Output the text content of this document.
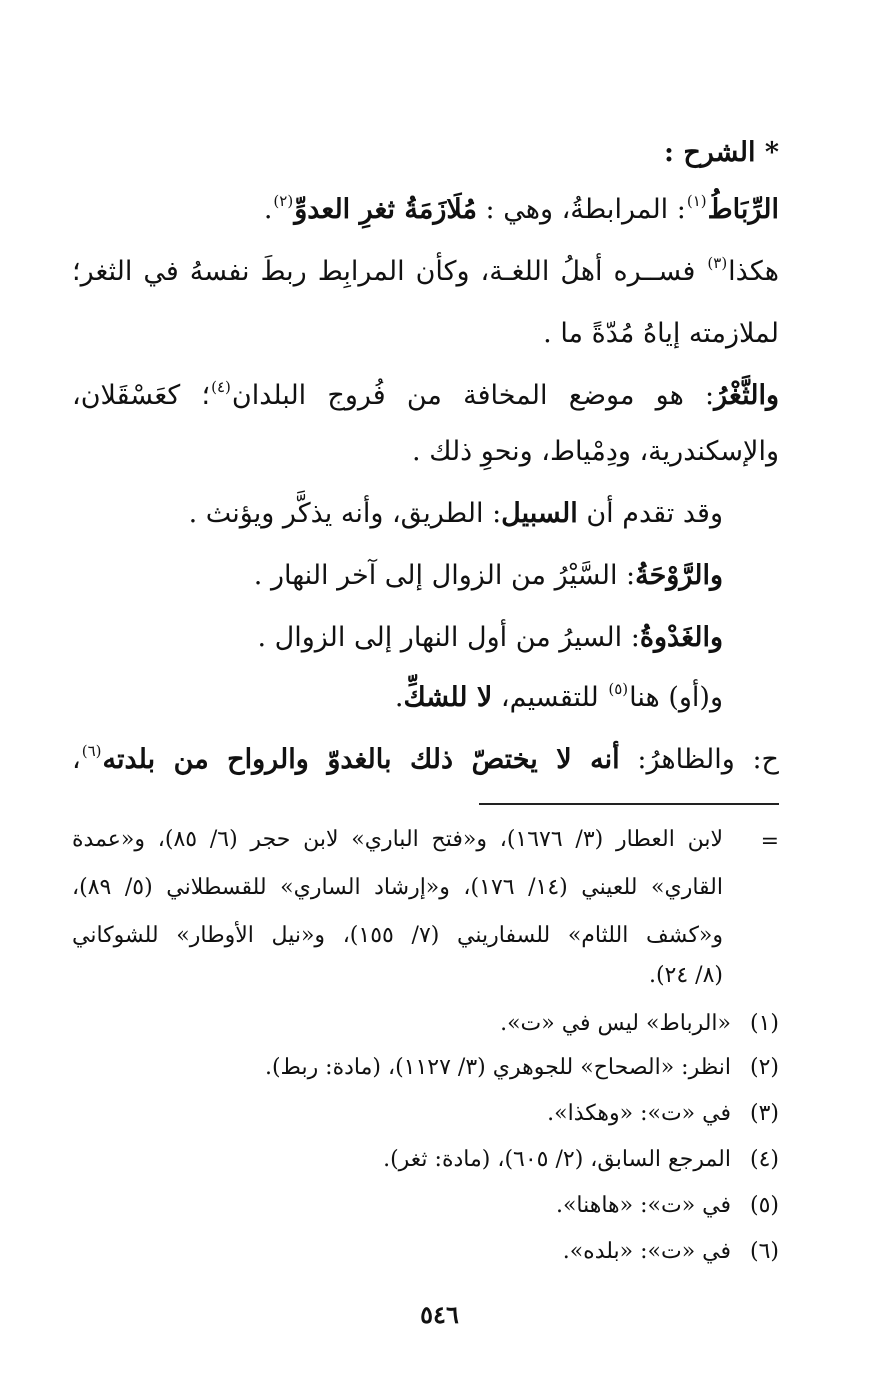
* الشرح :
الرِّبَاطُ$^{(١)}$: المرابطةُ، وهي : مُلَازَمَةُ ثغرِ العدوِّ$^{(٢)}$.
هكذا$^{(٣)}$ فســره أهلُ اللغـة، وكأن المرابِط ربطَ نفسهُ في الثغر؛
لملازمته إياهُ مُدّةً ما .
والثَّغْرُ: هو موضع المخافة من فُروج البلدان$^{(٤)}$؛ كعَسْقَلان،
والإسكندرية، ودِمْياط، ونحوِ ذلك .
وقد تقدم أن السبيل: الطريق، وأنه يذكَّر ويؤنث .
والرَّوْحَةُ: السَّيْرُ من الزوال إلى آخر النهار .
والغَدْوةُ: السيرُ من أول النهار إلى الزوال .
و(أو) هنا$^{(٥)}$ للتقسيم، لا للشكِّ.
ح: والظاهرُ: أنه لا يختصّ ذلك بالغدوّ والرواح من بلدته$^{(٦)}$،
=
لابن العطار (٣/ ١٦٧٦)، و«فتح الباري» لابن حجر (٦/ ٨٥)، و«عمدة
القاري» للعيني (١٤/ ١٧٦)، و«إرشاد الساري» للقسطلاني (٥/ ٨٩)،
و«كشف اللثام» للسفاريني (٧/ ١٥٥)، و«نيل الأوطار» للشوكاني
(٨/ ٢٤).
(١)«الرباط» ليس في «ت».
(٢)انظر: «الصحاح» للجوهري (٣/ ١١٢٧)، (مادة: ربط).
(٣)في «ت»: «وهكذا».
(٤)المرجع السابق، (٢/ ٦٠٥)، (مادة: ثغر).
(٥)في «ت»: «هاهنا».
(٦)في «ت»: «بلده».
٥٤٦
